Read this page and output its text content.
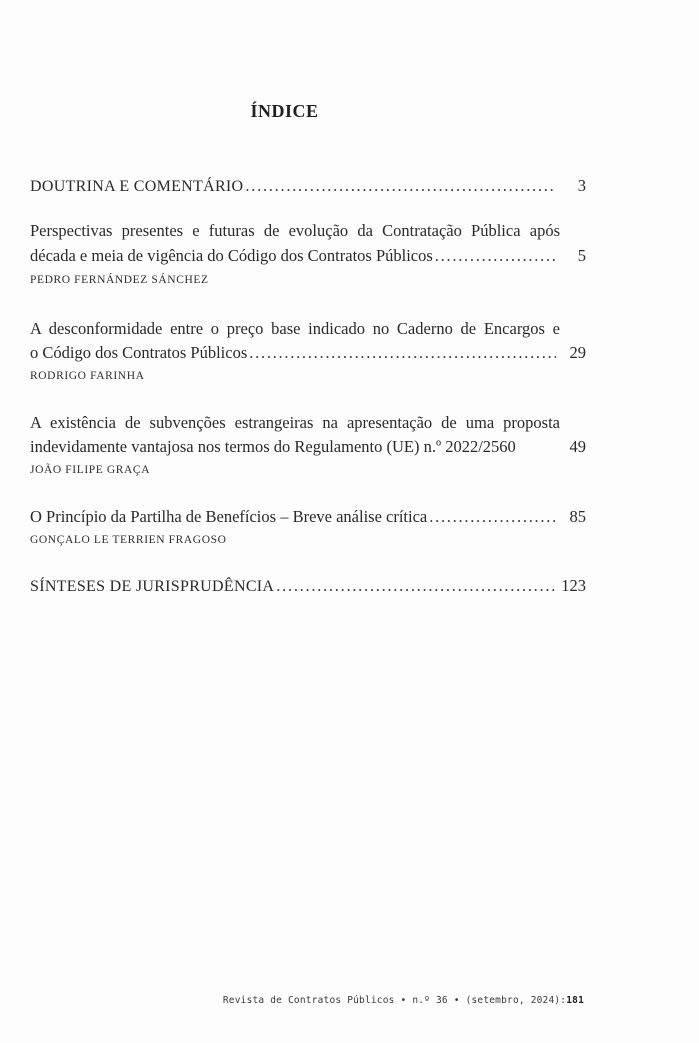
ÍNDICE
DOUTRINA E COMENTÁRIO . . .	3
Perspectivas presentes e futuras de evolução da Contratação Pública após
década e meia de vigência do Código dos Contratos Públicos . . .	5
PEDRO FERNÁNDEZ SÁNCHEZ
A desconformidade entre o preço base indicado no Caderno de Encargos e
o Código dos Contratos Públicos . . .	29
RODRIGO FARINHA
A existência de subvenções estrangeiras na apresentação de uma proposta
indevidamente vantajosa nos termos do Regulamento (UE) n.º 2022/2560	49
JOÃO FILIPE GRAÇA
O Princípio da Partilha de Benefícios – Breve análise crítica . . .	85
GONÇALO LE TERRIEN FRAGOSO
SÍNTESES DE JURISPRUDÊNCIA . . .	123
Revista de Contratos Públicos • n.º 36 • (setembro, 2024):181
